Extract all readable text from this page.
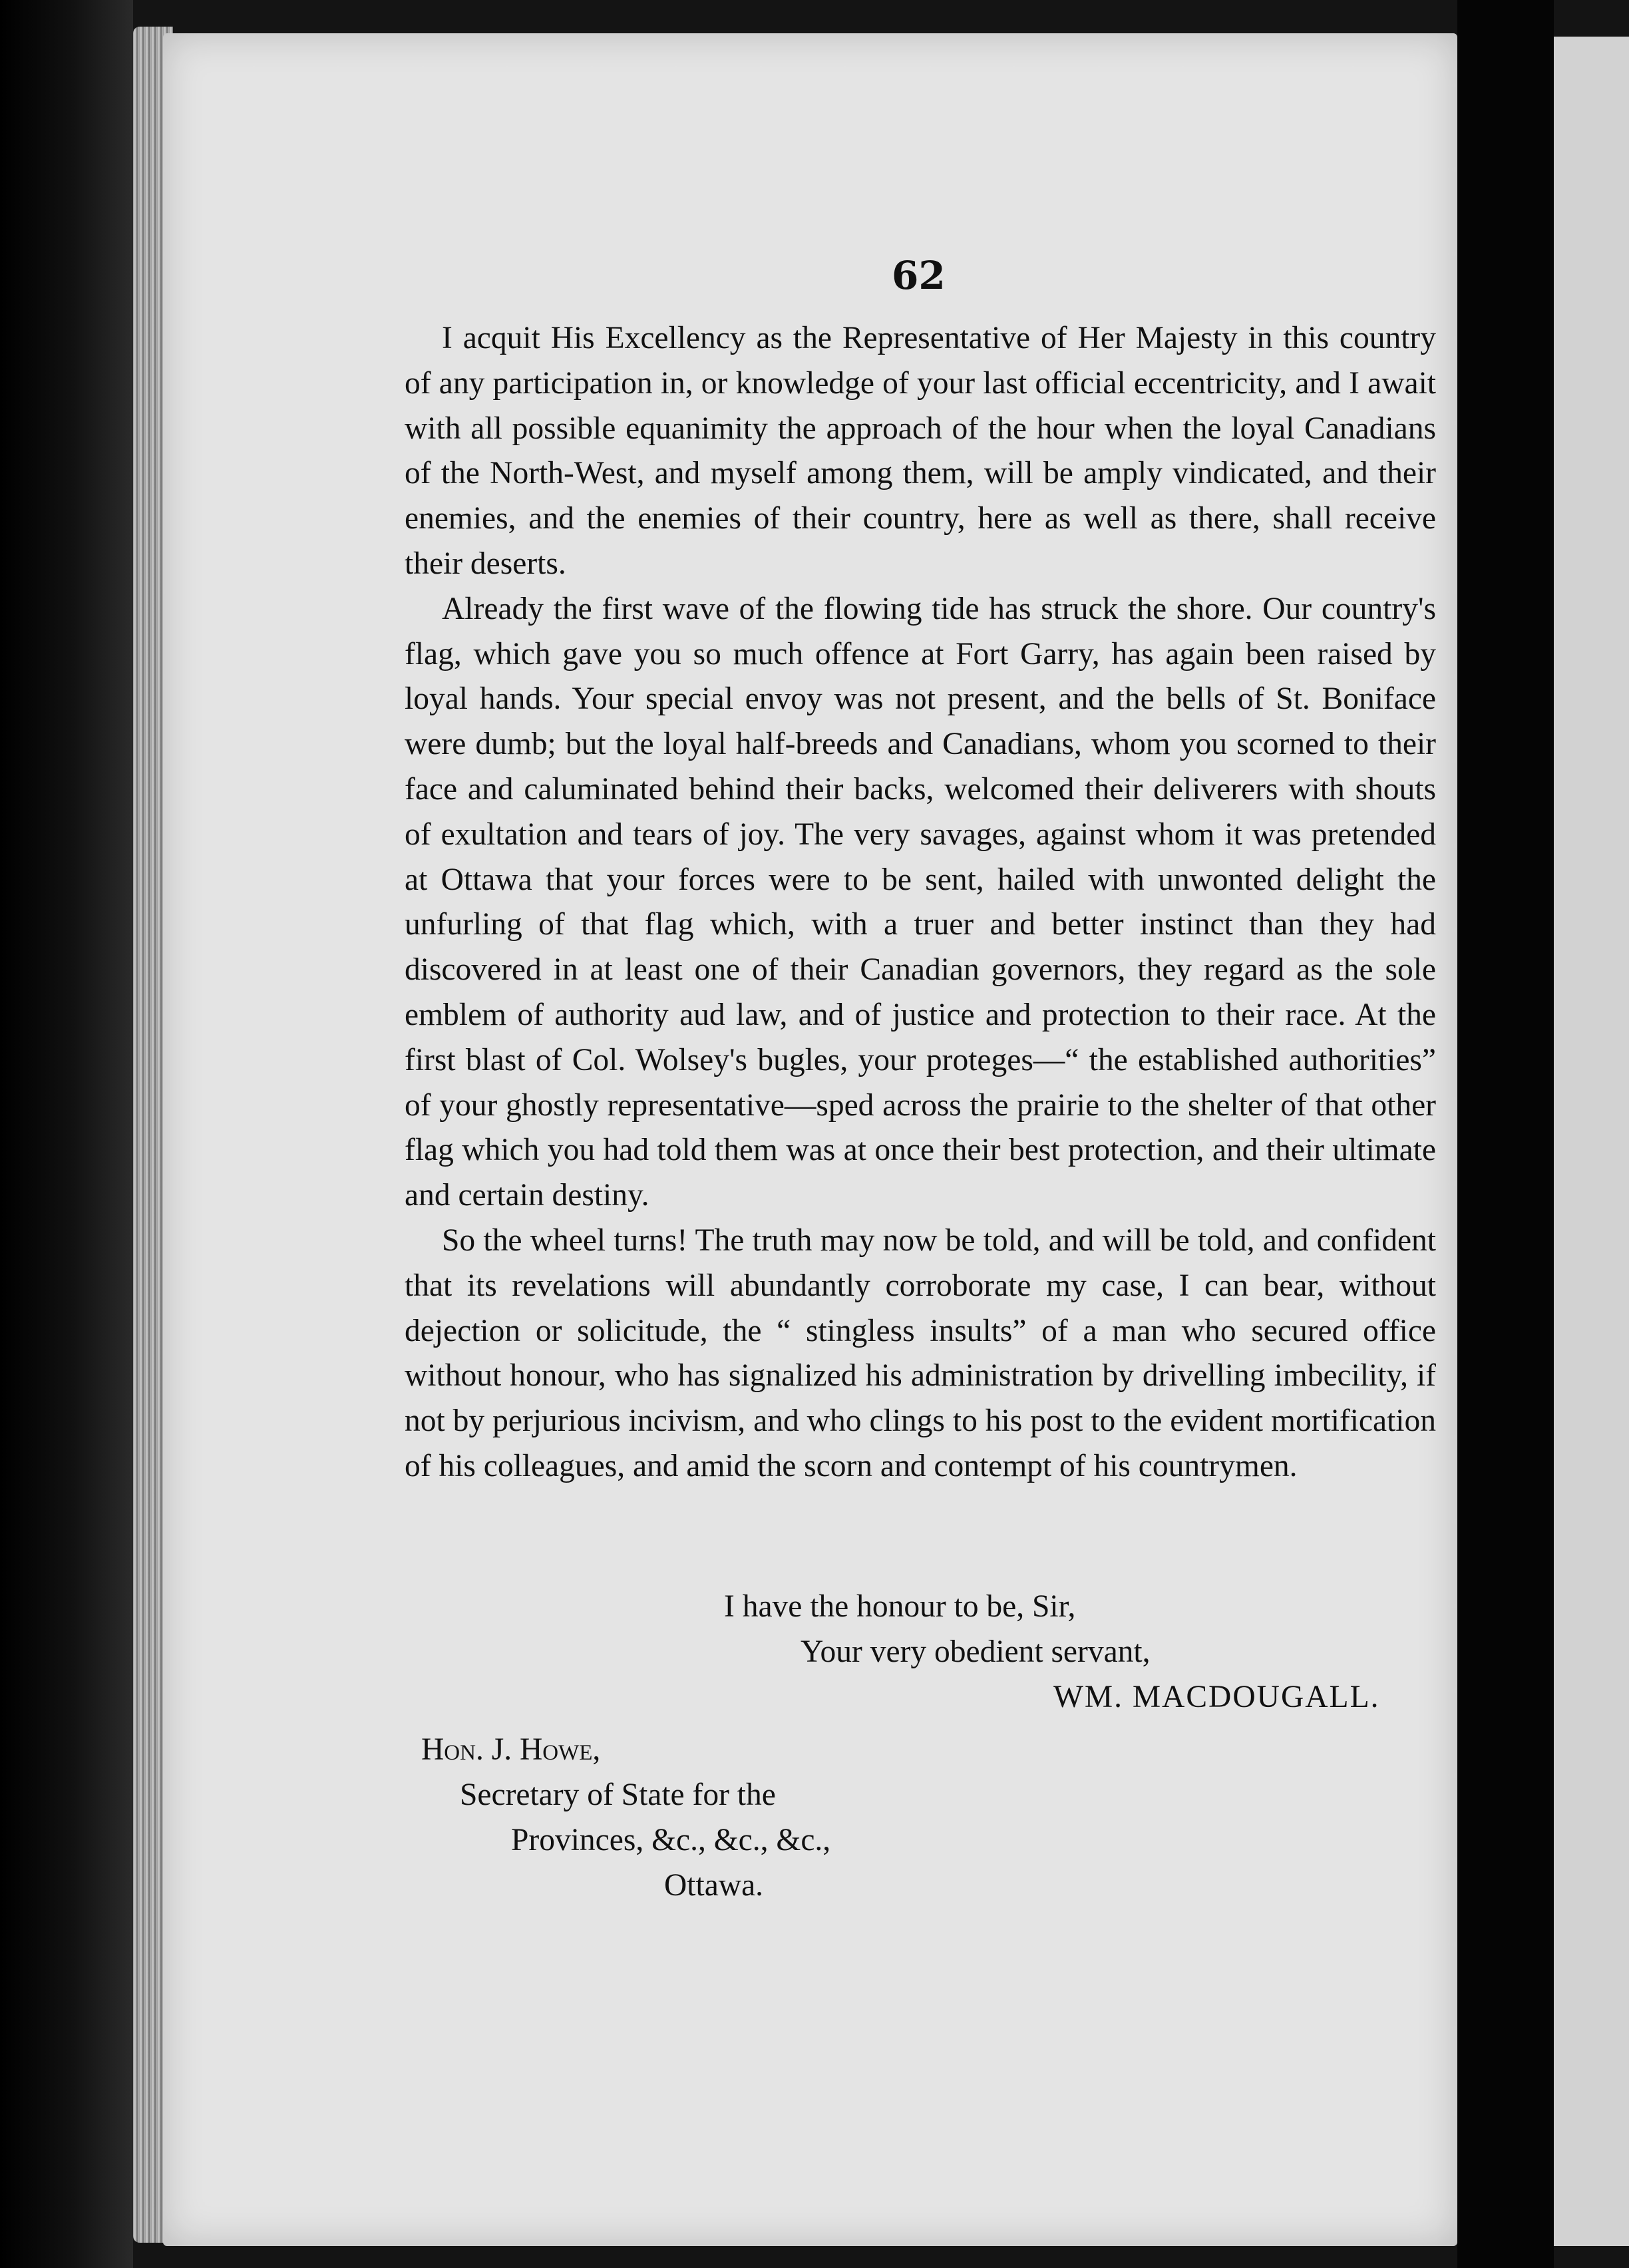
62

I acquit His Excellency as the Representative of Her Majesty in this country of any participation in, or knowledge of your last official eccentricity, and I await with all possible equanimity the approach of the hour when the loyal Canadians of the North-West, and myself among them, will be amply vindicated, and their enemies, and the enemies of their country, here as well as there, shall receive their deserts.

Already the first wave of the flowing tide has struck the shore. Our country's flag, which gave you so much offence at Fort Garry, has again been raised by loyal hands. Your special envoy was not present, and the bells of St. Boniface were dumb; but the loyal half-breeds and Canadians, whom you scorned to their face and caluminated behind their backs, welcomed their deliverers with shouts of exultation and tears of joy. The very savages, against whom it was pretended at Ottawa that your forces were to be sent, hailed with unwonted delight the unfurling of that flag which, with a truer and better instinct than they had discovered in at least one of their Canadian governors, they regard as the sole emblem of authority aud law, and of justice and protection to their race. At the first blast of Col. Wolsey's bugles, your proteges—“ the established authorities” of your ghostly representative—sped across the prairie to the shelter of that other flag which you had told them was at once their best protection, and their ultimate and certain destiny.

So the wheel turns! The truth may now be told, and will be told, and confident that its revelations will abundantly corroborate my case, I can bear, without dejection or solicitude, the “ stingless insults” of a man who secured office without honour, who has signalized his administration by drivelling imbecility, if not by perjurious incivism, and who clings to his post to the evident mortification of his colleagues, and amid the scorn and contempt of his countrymen.

I have the honour to be, Sir,
Your very obedient servant,
WM. MACDOUGALL.
Hon. J. Howe,
Secretary of State for the
Provinces, &c., &c., &c.,
Ottawa.
